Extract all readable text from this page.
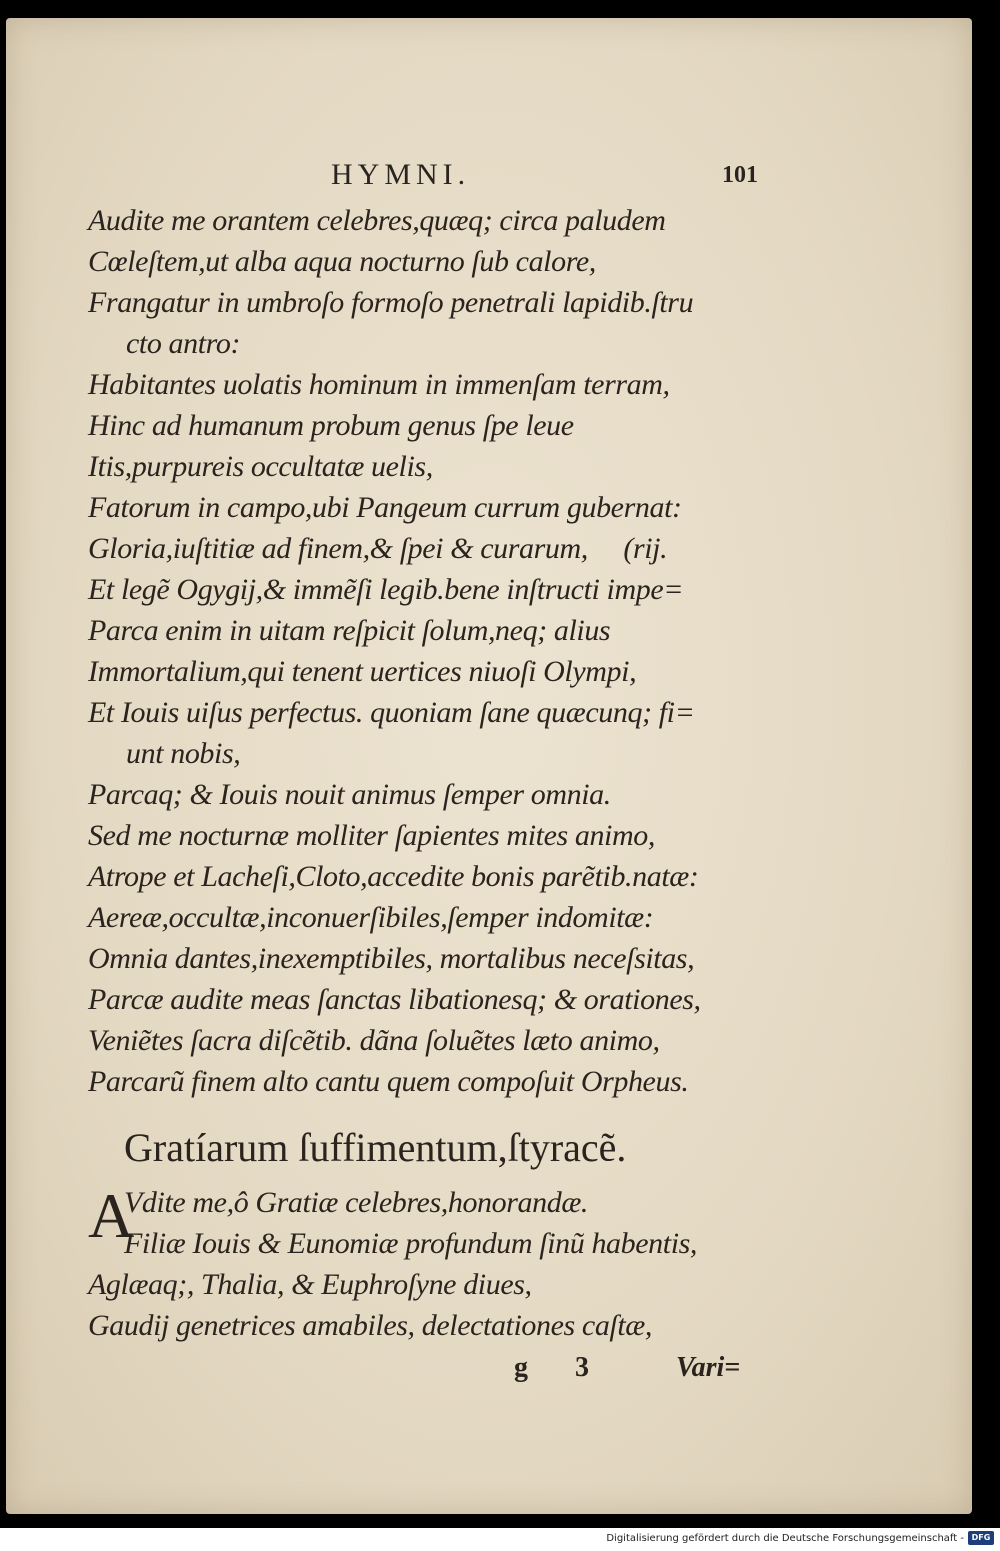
HYMNI.	101
Audite me orantem celebres,quæq; circa paludem
Cœleſtem,ut alba aqua nocturno ſub calore,
Frangatur in umbroſo formoſo penetrali lapidib.ſtru
cto antro:
Habitantes uolatis hominum in immenſam terram,
Hinc ad humanum probum genus ſpe leue
Itis,purpureis occultatæ uelis,
Fatorum in campo,ubi Pangeum currum gubernat:
Gloria,iuſtitiæ ad finem,& ſpei & curarum,     (rij.
Et legẽ Ogygij,& immẽſi legib.bene inſtructi impe=
Parca enim in uitam reſpicit ſolum,neq; alius
Immortalium,qui tenent uertices niuoſi Olympi,
Et Iouis uiſus perfectus. quoniam ſane quæcunq; fi=
unt nobis,
Parcaq; & Iouis nouit animus ſemper omnia.
Sed me nocturnæ molliter ſapientes mites animo,
Atrope et Lacheſi,Cloto,accedite bonis parẽtib.natæ:
Aereæ,occultæ,inconuerſibiles,ſemper indomitæ:
Omnia dantes,inexemptibiles, mortalibus neceſsitas,
Parcæ audite meas ſanctas libationesq; & orationes,
Veniẽtes ſacra diſcẽtib. dãna ſoluẽtes læto animo,
Parcarũ finem alto cantu quem compoſuit Orpheus.
Gratíarum ſuffimentum,ſtyracẽ.
A
Vdite me,ô Gratiæ celebres,honorandæ.
Filiæ Iouis & Eunomiæ profundum ſinũ habentis,
Aglæaq;, Thalia, & Euphroſyne diues,
Gaudij genetrices amabiles, delectationes caſtæ,
g 3 Vari=
Digitalisierung gefördert durch die Deutsche Forschungsgemeinschaft - DFG
